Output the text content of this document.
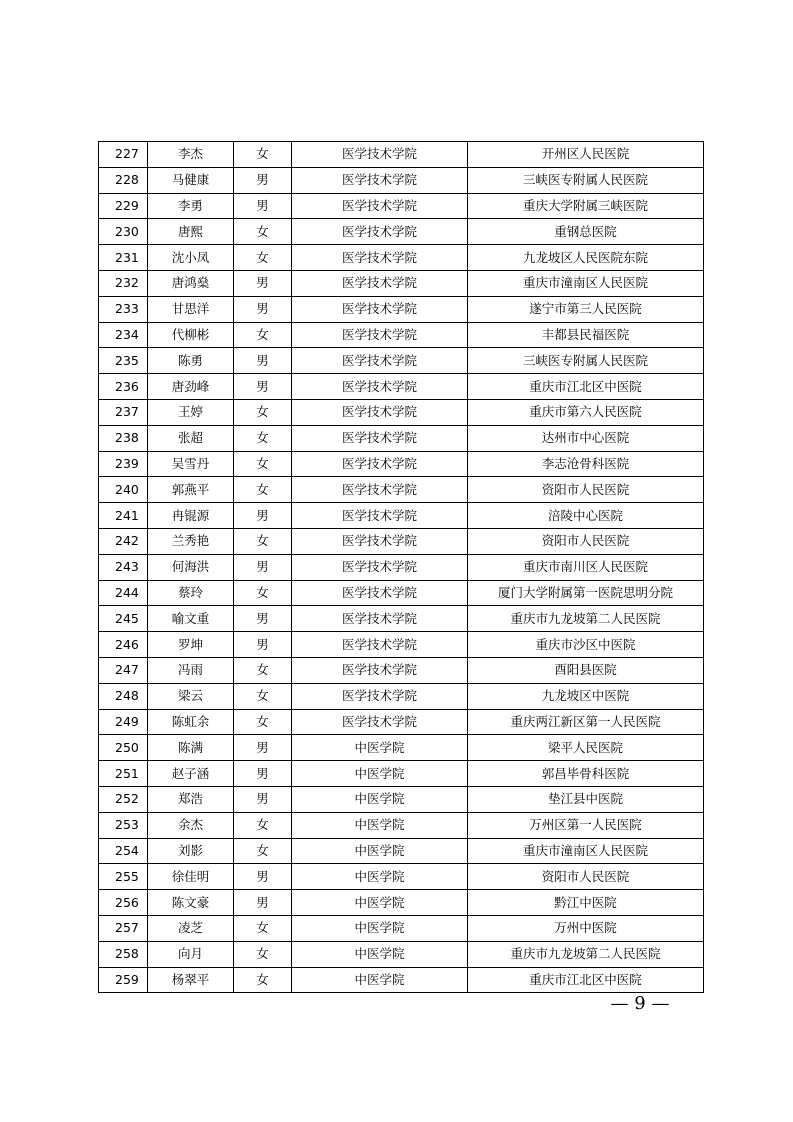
227	李杰	女	医学技术学院	开州区人民医院
228	马健康	男	医学技术学院	三峡医专附属人民医院
229	李勇	男	医学技术学院	重庆大学附属三峡医院
230	唐熙	女	医学技术学院	重钢总医院
231	沈小凤	女	医学技术学院	九龙坡区人民医院东院
232	唐鸿燊	男	医学技术学院	重庆市潼南区人民医院
233	甘思洋	男	医学技术学院	遂宁市第三人民医院
234	代柳彬	女	医学技术学院	丰都县民福医院
235	陈勇	男	医学技术学院	三峡医专附属人民医院
236	唐劲峰	男	医学技术学院	重庆市江北区中医院
237	王婷	女	医学技术学院	重庆市第六人民医院
238	张超	女	医学技术学院	达州市中心医院
239	吴雪丹	女	医学技术学院	李志沧骨科医院
240	郭燕平	女	医学技术学院	资阳市人民医院
241	冉锟源	男	医学技术学院	涪陵中心医院
242	兰秀艳	女	医学技术学院	资阳市人民医院
243	何海洪	男	医学技术学院	重庆市南川区人民医院
244	蔡玲	女	医学技术学院	厦门大学附属第一医院思明分院
245	喻文重	男	医学技术学院	重庆市九龙坡第二人民医院
246	罗坤	男	医学技术学院	重庆市沙区中医院
247	冯雨	女	医学技术学院	酉阳县医院
248	梁云	女	医学技术学院	九龙坡区中医院
249	陈虹余	女	医学技术学院	重庆两江新区第一人民医院
250	陈满	男	中医学院	梁平人民医院
251	赵子涵	男	中医学院	郭昌毕骨科医院
252	郑浩	男	中医学院	垫江县中医院
253	余杰	女	中医学院	万州区第一人民医院
254	刘影	女	中医学院	重庆市潼南区人民医院
255	徐佳明	男	中医学院	资阳市人民医院
256	陈文豪	男	中医学院	黔江中医院
257	凌芝	女	中医学院	万州中医院
258	向月	女	中医学院	重庆市九龙坡第二人民医院
259	杨翠平	女	中医学院	重庆市江北区中医院
— 9 —
